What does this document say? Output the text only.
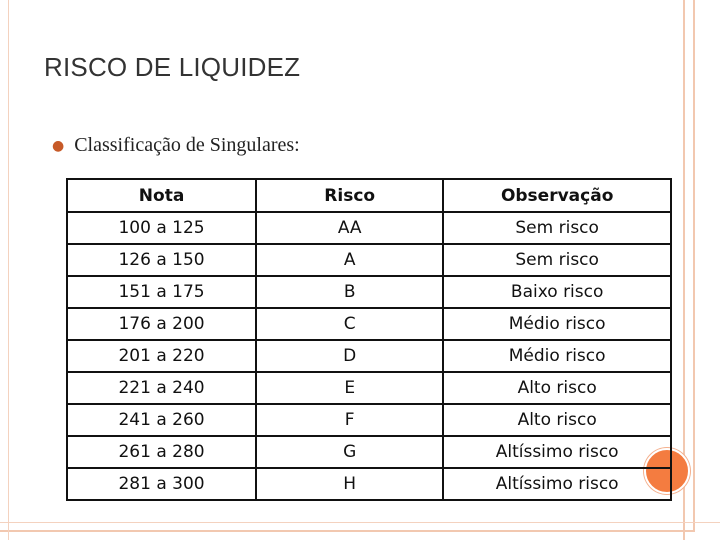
RISCO DE LIQUIDEZ
● Classificação de Singulares:
Nota	Risco	Observação
100 a 125	AA	Sem risco
126 a 150	A	Sem risco
151 a 175	B	Baixo risco
176 a 200	C	Médio risco
201 a 220	D	Médio risco
221 a 240	E	Alto risco
241 a 260	F	Alto risco
261 a 280	G	Altíssimo risco
281 a 300	H	Altíssimo risco
